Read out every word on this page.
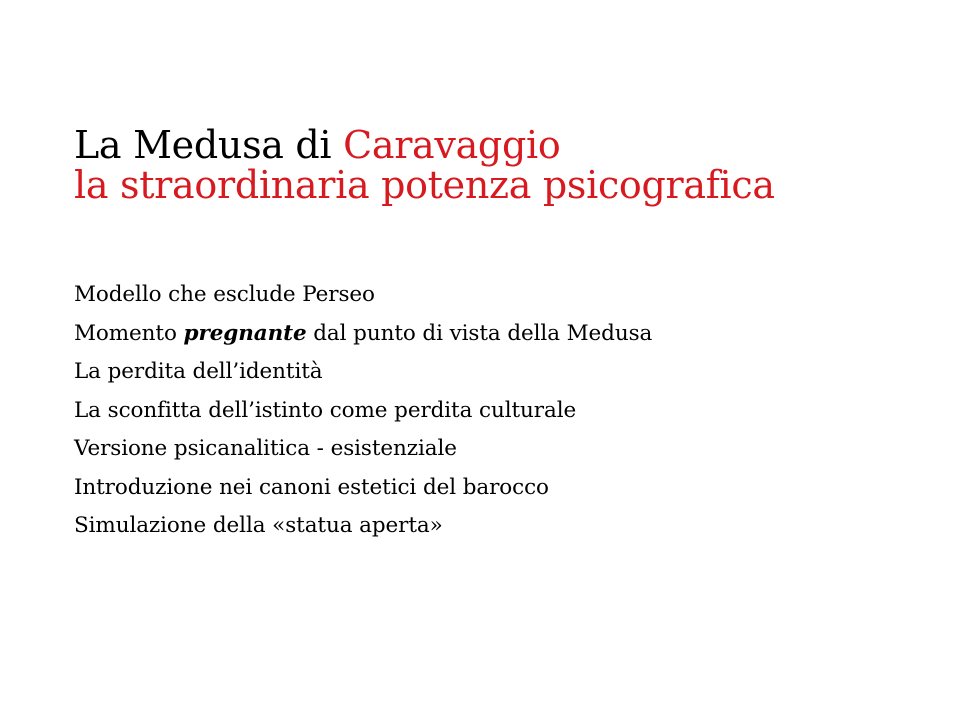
La Medusa di Caravaggio
la straordinaria potenza psicografica
Modello che esclude Perseo
Momento pregnante dal punto di vista della Medusa
La perdita dell’identità
La sconfitta dell’istinto come perdita culturale
Versione psicanalitica - esistenziale
Introduzione nei canoni estetici del barocco
Simulazione della «statua aperta»
